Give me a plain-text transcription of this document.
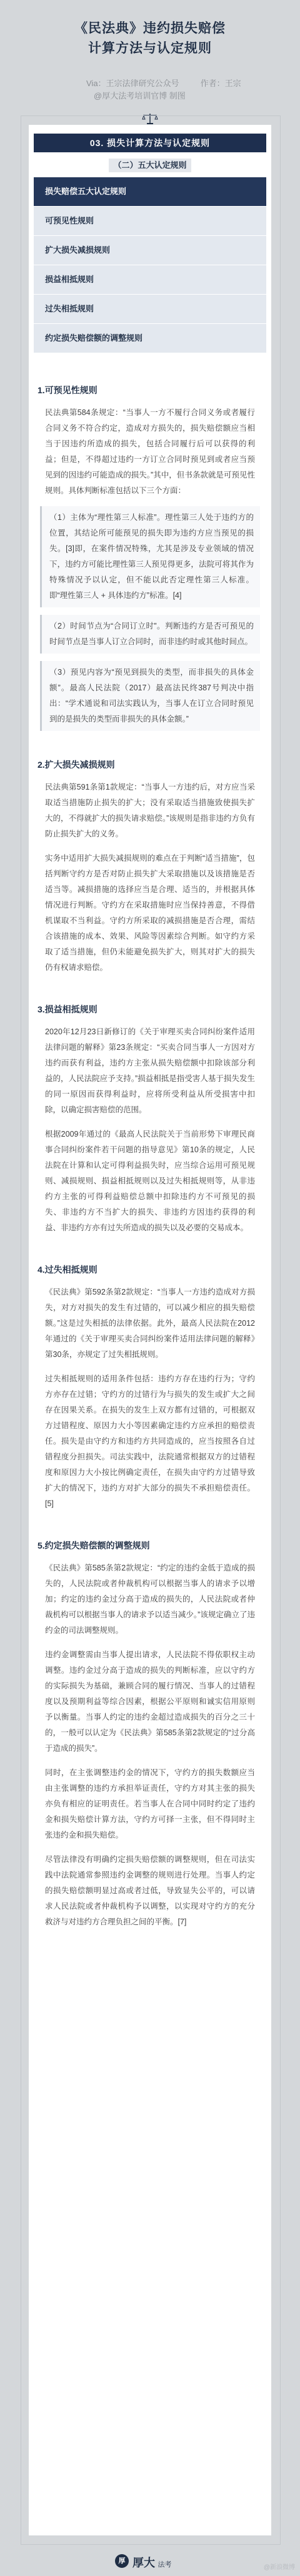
《民法典》违约损失赔偿

计算方法与认定规则

Via：王宗法律研究公众号	作者：王宗
@厚大法考培训官博 制图
03. 损失计算方法与认定规则
（二）五大认定规则
损失赔偿五大认定规则
可预见性规则
扩大损失减损规则
损益相抵规则
过失相抵规则
约定损失赔偿额的调整规则

1.可预见性规则

民法典第584条规定：“当事人一方不履行合同义务或者履行合同义务不符合约定，造成对方损失的，损失赔偿额应当相当于因违约所造成的损失，包括合同履行后可以获得的利益；但是，不得超过违约一方订立合同时预见到或者应当预见到的因违约可能造成的损失。”其中，但书条款就是可预见性规则。具体判断标准包括以下三个方面：

（1）主体为“理性第三人标准”。理性第三人处于违约方的位置，其结论所可能预见的损失即为违约方应当预见的损失。[3]即，在案件情况特殊，尤其是涉及专业领域的情况下，违约方可能比理性第三人预见得更多，法院可将其作为特殊情况予以认定，但不能以此否定理性第三人标准。即“理性第三人 + 具体违约方”标准。[4]
（2）时间节点为“合同订立时”。判断违约方是否可预见的时间节点是当事人订立合同时，而非违约时或其他时间点。
（3）预见内容为“预见到损失的类型，而非损失的具体金额”。最高人民法院（2017）最高法民终387号判决中指出：“学术通说和司法实践认为，当事人在订立合同时预见到的是损失的类型而非损失的具体金额。”

2.扩大损失减损规则

民法典第591条第1款规定：“当事人一方违约后，对方应当采取适当措施防止损失的扩大；没有采取适当措施致使损失扩大的，不得就扩大的损失请求赔偿。”该规则是指非违约方负有防止损失扩大的义务。

实务中适用扩大损失减损规则的难点在于判断“适当措施”，包括判断守约方是否对防止损失扩大采取措施以及该措施是否适当等。减损措施的选择应当是合理、适当的，并根据具体情况进行判断。守约方在采取措施时应当保持善意，不得借机谋取不当利益。守约方所采取的减损措施是否合理，需结合该措施的成本、效果、风险等因素综合判断。如守约方采取了适当措施，但仍未能避免损失扩大，则其对扩大的损失仍有权请求赔偿。

3.损益相抵规则

2020年12月23日新修订的《关于审理买卖合同纠纷案件适用法律问题的解释》第23条规定：“买卖合同当事人一方因对方违约而获有利益，违约方主张从损失赔偿额中扣除该部分利益的，人民法院应予支持。”损益相抵是指受害人基于损失发生的同一原因而获得利益时，应将所受利益从所受损害中扣除，以确定损害赔偿的范围。

根据2009年通过的《最高人民法院关于当前形势下审理民商事合同纠纷案件若干问题的指导意见》第10条的规定，人民法院在计算和认定可得利益损失时，应当综合运用可预见规则、减损规则、损益相抵规则以及过失相抵规则等，从非违约方主张的可得利益赔偿总额中扣除违约方不可预见的损失、非违约方不当扩大的损失、非违约方因违约获得的利益、非违约方亦有过失所造成的损失以及必要的交易成本。

4.过失相抵规则

《民法典》第592条第2款规定：“当事人一方违约造成对方损失，对方对损失的发生有过错的，可以减少相应的损失赔偿额。”这是过失相抵的法律依据。此外，最高人民法院在2012年通过的《关于审理买卖合同纠纷案件适用法律问题的解释》第30条，亦规定了过失相抵规则。

过失相抵规则的适用条件包括：违约方存在违约行为；守约方亦存在过错；守约方的过错行为与损失的发生或扩大之间存在因果关系。在损失的发生上双方都有过错的，可根据双方过错程度、原因力大小等因素确定违约方应承担的赔偿责任。损失是由守约方和违约方共同造成的，应当按照各自过错程度分担损失。司法实践中，法院通常根据双方的过错程度和原因力大小按比例确定责任，在损失由守约方过错导致扩大的情况下，违约方对扩大部分的损失不承担赔偿责任。[5]

5.约定损失赔偿额的调整规则

《民法典》第585条第2款规定：“约定的违约金低于造成的损失的，人民法院或者仲裁机构可以根据当事人的请求予以增加；约定的违约金过分高于造成的损失的，人民法院或者仲裁机构可以根据当事人的请求予以适当减少。”该规定确立了违约金的司法调整规则。

违约金调整需由当事人提出请求，人民法院不得依职权主动调整。违约金过分高于造成的损失的判断标准，应以守约方的实际损失为基础，兼顾合同的履行情况、当事人的过错程度以及预期利益等综合因素，根据公平原则和诚实信用原则予以衡量。当事人约定的违约金超过造成损失的百分之三十的，一般可以认定为《民法典》第585条第2款规定的“过分高于造成的损失”。

同时，在主张调整违约金的情况下，守约方的损失数额应当由主张调整的违约方承担举证责任，守约方对其主张的损失亦负有相应的证明责任。若当事人在合同中同时约定了违约金和损失赔偿计算方法，守约方可择一主张，但不得同时主张违约金和损失赔偿。

尽管法律没有明确约定损失赔偿额的调整规则，但在司法实践中法院通常参照违约金调整的规则进行处理。当事人约定的损失赔偿额明显过高或者过低，导致显失公平的，可以请求人民法院或者仲裁机构予以调整，以实现对守约方的充分救济与对违约方合理负担之间的平衡。[7]

厚 厚大 法考	@新浪微博
